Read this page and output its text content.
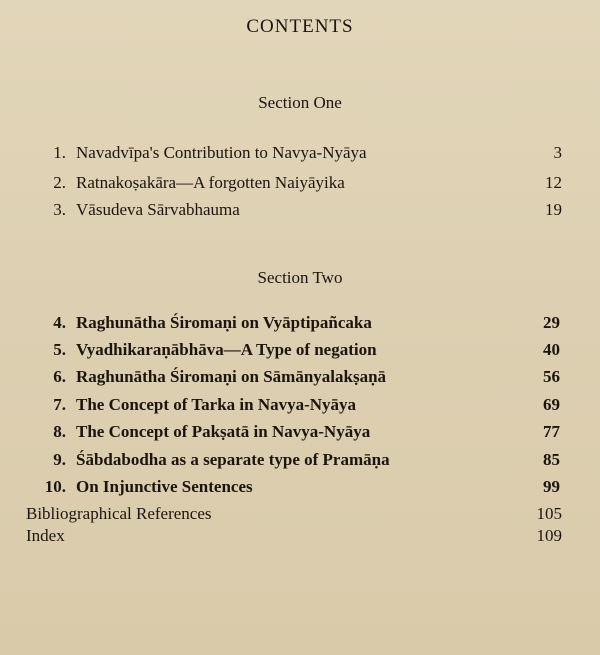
CONTENTS
Section One
1. Navadvīpa's Contribution to Navya-Nyāya	3
2. Ratnakoṣakāra—A forgotten Naiyāyika	12
3. Vāsudeva Sārvabhauma	19
Section Two
4. Raghunātha Śiromaṇi on Vyāptipañcaka	29
5. Vyadhikaraṇābhāva—A Type of negation	40
6. Raghunātha Śiromaṇi on Sāmānyalakṣaṇā	56
7. The Concept of Tarka in Navya-Nyāya	69
8. The Concept of Pakṣatā in Navya-Nyāya	77
9. Śābdabodha as a separate type of Pramāṇa	85
10. On Injunctive Sentences	99
Bibliographical References	105
Index	109
